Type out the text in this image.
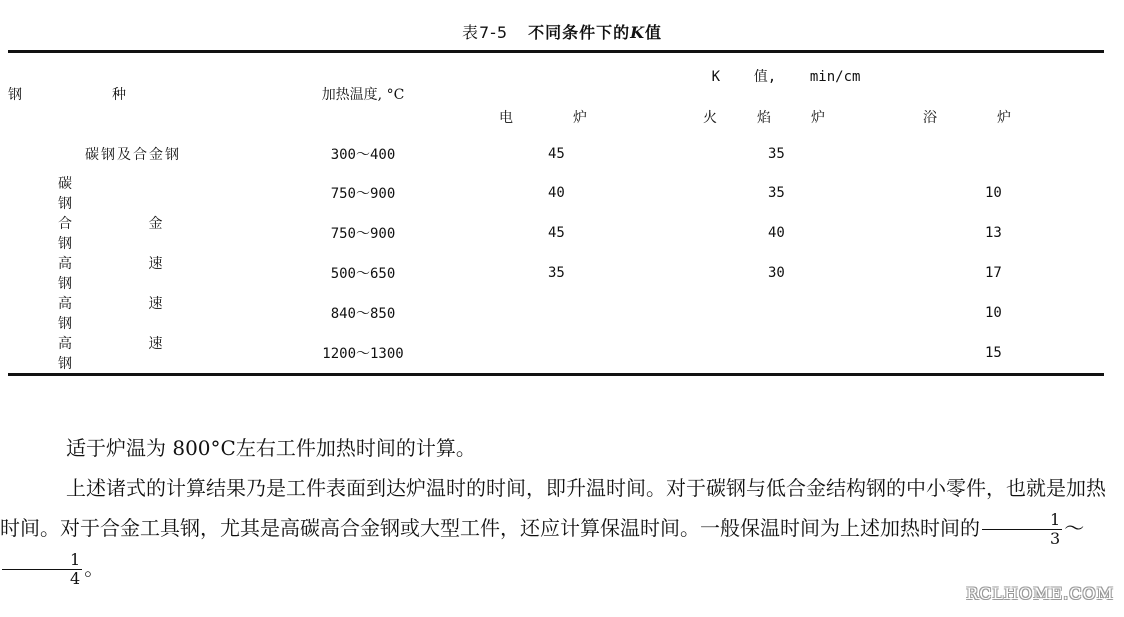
表7-5 不同条件下的K值
钢种	加热温度, °C	K    值,    min/cm		
		电炉	火焰炉	浴炉
碳钢及合金钢	300～400	45	35	
碳 钢	750～900	40	35	10
合 金 钢	750～900	45	40	13
高 速 钢	500～650	35	30	17
高 速 钢	840～850			10
高 速 钢	1200～1300			15

适于炉温为 800°C左右工件加热时间的计算。

上述诸式的计算结果乃是工件表面到达炉温时的时间，即升温时间。对于碳钢与低合金结构钢的中小零件，也就是加热时间。对于合金工具钢，尤其是高碳高合金钢或大型工件，还应计算保温时间。一般保温时间为上述加热时间的 $\frac{1}{3}$ ～
$\frac{1}{4}$ 。

RCLHOME.COM
